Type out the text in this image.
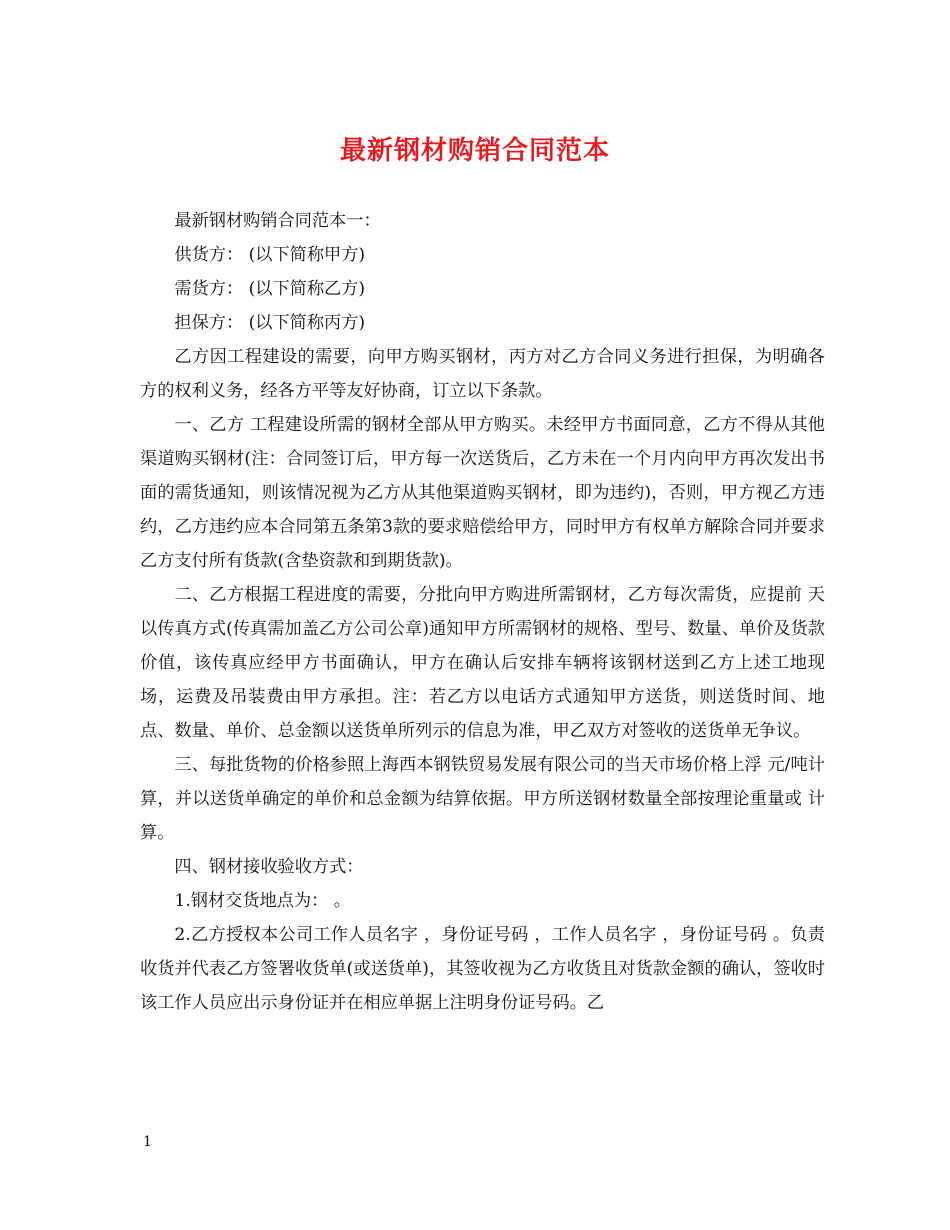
最新钢材购销合同范本

最新钢材购销合同范本一：

供货方： (以下简称甲方)

需货方： (以下简称乙方)

担保方： (以下简称丙方)

乙方因工程建设的需要，向甲方购买钢材，丙方对乙方合同义务进行担保，为明确各方的权利义务，经各方平等友好协商，订立以下条款。

一、乙方 工程建设所需的钢材全部从甲方购买。未经甲方书面同意，乙方不得从其他渠道购买钢材(注：合同签订后，甲方每一次送货后，乙方未在一个月内向甲方再次发出书面的需货通知，则该情况视为乙方从其他渠道购买钢材，即为违约)，否则，甲方视乙方违约，乙方违约应本合同第五条第3款的要求赔偿给甲方，同时甲方有权单方解除合同并要求乙方支付所有货款(含垫资款和到期货款)。

二、乙方根据工程进度的需要，分批向甲方购进所需钢材，乙方每次需货，应提前 天以传真方式(传真需加盖乙方公司公章)通知甲方所需钢材的规格、型号、数量、单价及货款价值，该传真应经甲方书面确认，甲方在确认后安排车辆将该钢材送到乙方上述工地现场，运费及吊装费由甲方承担。注：若乙方以电话方式通知甲方送货，则送货时间、地点、数量、单价、总金额以送货单所列示的信息为准，甲乙双方对签收的送货单无争议。

三、每批货物的价格参照上海西本钢铁贸易发展有限公司的当天市场价格上浮 元/吨计算，并以送货单确定的单价和总金额为结算依据。甲方所送钢材数量全部按理论重量或 计算。

四、钢材接收验收方式：

1.钢材交货地点为： 。

2.乙方授权本公司工作人员名字 ，身份证号码 ，工作人员名字 ，身份证号码 。负责收货并代表乙方签署收货单(或送货单)，其签收视为乙方收货且对货款金额的确认，签收时该工作人员应出示身份证并在相应单据上注明身份证号码。乙

1
